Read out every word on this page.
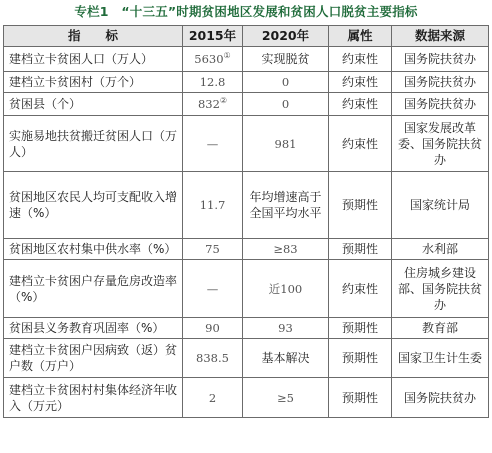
专栏1　“十三五”时期贫困地区发展和贫困人口脱贫主要指标
指　　标	2015年	2020年	属性	数据来源
建档立卡贫困人口（万人）	5630①	实现脱贫	约束性	国务院扶贫办
建档立卡贫困村（万个）	12.8	0	约束性	国务院扶贫办
贫困县（个）	832②	0	约束性	国务院扶贫办
实施易地扶贫搬迁贫困人口（万人）	—	981	约束性	国家发展改革委、国务院扶贫办
贫困地区农民人均可支配收入增速（%）	11.7	年均增速高于全国平均水平	预期性	国家统计局
贫困地区农村集中供水率（%）	75	≥83	预期性	水利部
建档立卡贫困户存量危房改造率（%）	—	近100	约束性	住房城乡建设部、国务院扶贫办
贫困县义务教育巩固率（%）	90	93	预期性	教育部
建档立卡贫困户因病致（返）贫户数（万户）	838.5	基本解决	预期性	国家卫生计生委
建档立卡贫困村村集体经济年收入（万元）	2	≥5	预期性	国务院扶贫办
